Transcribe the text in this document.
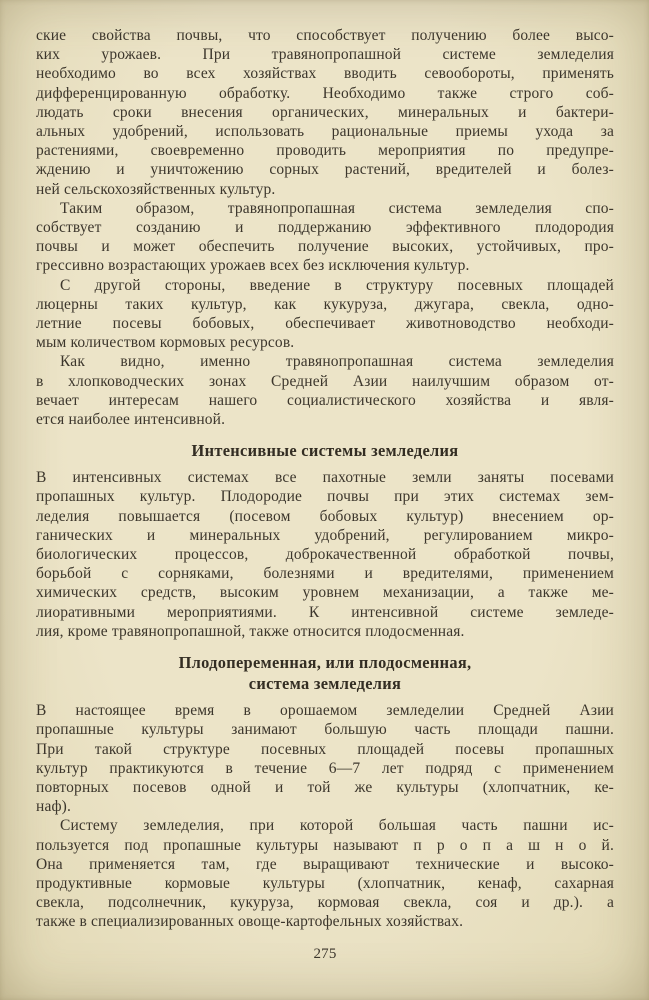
ские свойства почвы, что способствует получению более высо-
ких урожаев. При травянопропашной системе земледелия
необходимо во всех хозяйствах вводить севообороты, применять
дифференцированную обработку. Необходимо также строго соб-
людать сроки внесения органических, минеральных и бактери-
альных удобрений, использовать рациональные приемы ухода за
растениями, своевременно проводить мероприятия по предупре-
ждению и уничтожению сорных растений, вредителей и болез-
ней сельскохозяйственных культур.
Таким образом, травянопропашная система земледелия спо-
собствует созданию и поддержанию эффективного плодородия
почвы и может обеспечить получение высоких, устойчивых, про-
грессивно возрастающих урожаев всех без исключения культур.
С другой стороны, введение в структуру посевных площадей
люцерны таких культур, как кукуруза, джугара, свекла, одно-
летние посевы бобовых, обеспечивает животноводство необходи-
мым количеством кормовых ресурсов.
Как видно, именно травянопропашная система земледелия
в хлопководческих зонах Средней Азии наилучшим образом от-
вечает интересам нашего социалистического хозяйства и явля-
ется наиболее интенсивной.
Интенсивные системы земледелия
В интенсивных системах все пахотные земли заняты посевами
пропашных культур. Плодородие почвы при этих системах зем-
леделия повышается (посевом бобовых культур) внесением ор-
ганических и минеральных удобрений, регулированием микро-
биологических процессов, доброкачественной обработкой почвы,
борьбой с сорняками, болезнями и вредителями, применением
химических средств, высоким уровнем механизации, а также ме-
лиоративными мероприятиями. К интенсивной системе земледе-
лия, кроме травянопропашной, также относится плодосменная.
Плодопеременная, или плодосменная,
система земледелия
В настоящее время в орошаемом земледелии Средней Азии
пропашные культуры занимают большую часть площади пашни.
При такой структуре посевных площадей посевы пропашных
культур практикуются в течение 6—7 лет подряд с применением
повторных посевов одной и той же культуры (хлопчатник, ке-
наф).
Систему земледелия, при которой большая часть пашни ис-
пользуется под пропашные культуры называют п р о п а ш н о й.
Она применяется там, где выращивают технические и высоко-
продуктивные кормовые культуры (хлопчатник, кенаф, сахарная
свекла, подсолнечник, кукуруза, кормовая свекла, соя и др.). а
также в специализированных овоще-картофельных хозяйствах.
275
